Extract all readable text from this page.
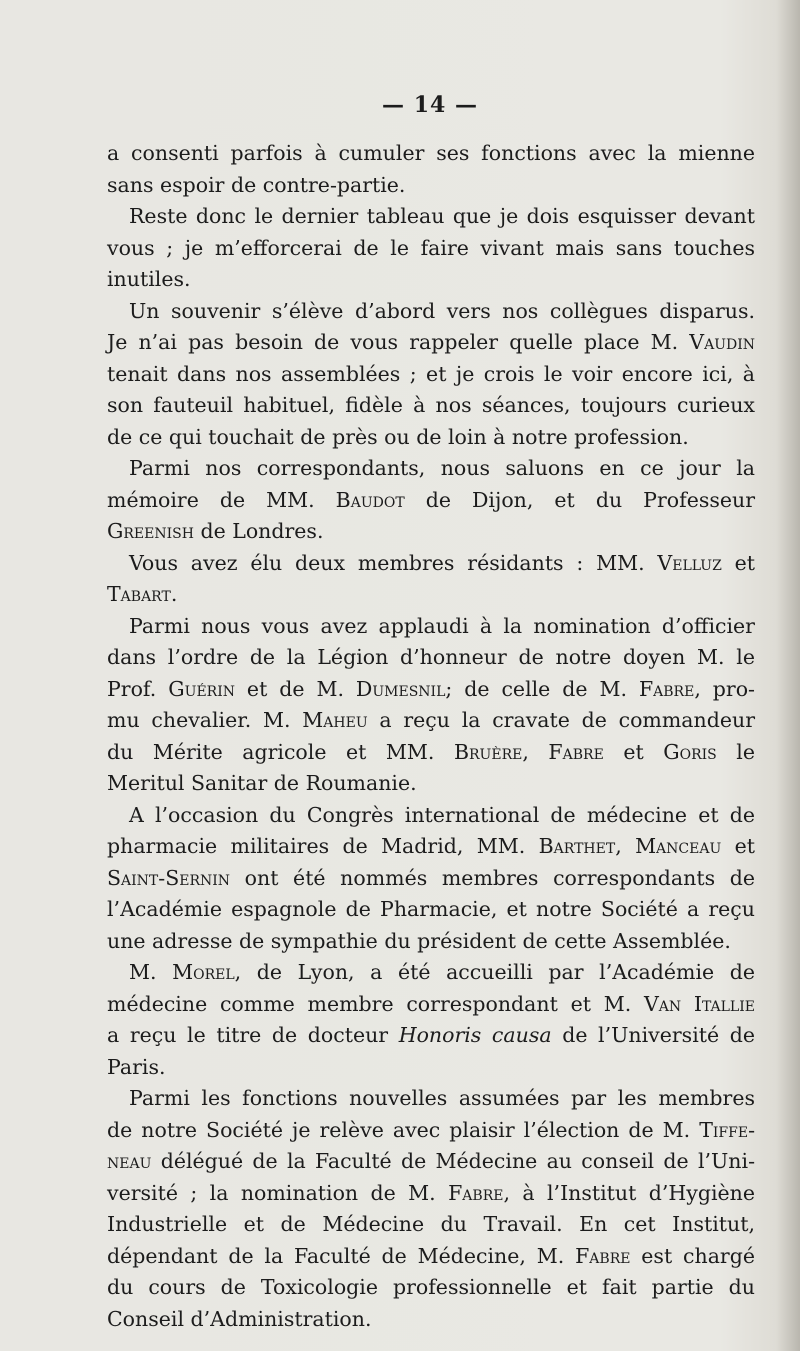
— 14 —
a consenti parfois à cumuler ses fonctions avec la mienne
sans espoir de contre-partie.
Reste donc le dernier tableau que je dois esquisser devant
vous ; je m’efforcerai de le faire vivant mais sans touches
inutiles.
Un souvenir s’élève d’abord vers nos collègues disparus.
Je n’ai pas besoin de vous rappeler quelle place M. Vaudin
tenait dans nos assemblées ; et je crois le voir encore ici, à
son fauteuil habituel, fidèle à nos séances, toujours curieux
de ce qui touchait de près ou de loin à notre profession.
Parmi nos correspondants, nous saluons en ce jour la
mémoire de MM. Baudot de Dijon, et du Professeur
Greenish de Londres.
Vous avez élu deux membres résidants : MM. Velluz et
Tabart.
Parmi nous vous avez applaudi à la nomination d’officier
dans l’ordre de la Légion d’honneur de notre doyen M. le
Prof. Guérin et de M. Dumesnil; de celle de M. Fabre, pro-
mu chevalier. M. Maheu a reçu la cravate de commandeur
du Mérite agricole et MM. Bruère, Fabre et Goris le
Meritul Sanitar de Roumanie.
A l’occasion du Congrès international de médecine et de
pharmacie militaires de Madrid, MM. Barthet, Manceau et
Saint-Sernin ont été nommés membres correspondants de
l’Académie espagnole de Pharmacie, et notre Société a reçu
une adresse de sympathie du président de cette Assemblée.
M. Morel, de Lyon, a été accueilli par l’Académie de
médecine comme membre correspondant et M. Van Itallie
a reçu le titre de docteur Honoris causa de l’Université de
Paris.
Parmi les fonctions nouvelles assumées par les membres
de notre Société je relève avec plaisir l’élection de M. Tiffe-
neau délégué de la Faculté de Médecine au conseil de l’Uni-
versité ; la nomination de M. Fabre, à l’Institut d’Hygiène
Industrielle et de Médecine du Travail. En cet Institut,
dépendant de la Faculté de Médecine, M. Fabre est chargé
du cours de Toxicologie professionnelle et fait partie du
Conseil d’Administration.
